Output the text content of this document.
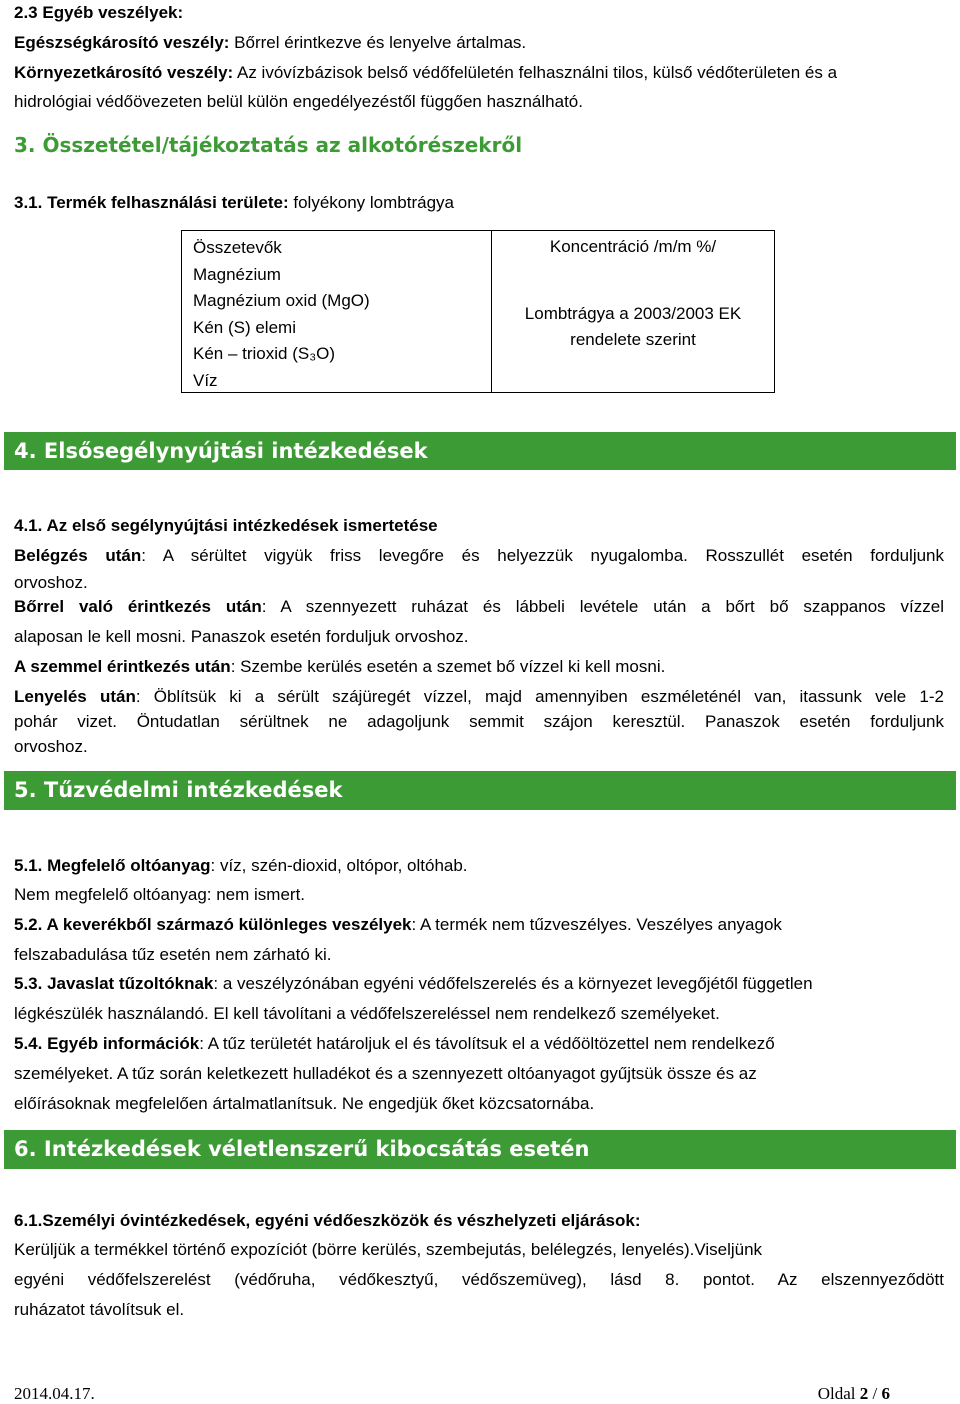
2.3 Egyéb veszélyek:
Egészségkárosító veszély: Bőrrel érintkezve és lenyelve ártalmas.
Környezetkárosító veszély: Az ivóvízbázisok belső védőfelületén felhasználni tilos, külső védőterületen és a
hidrológiai védőövezeten belül külön engedélyezéstől függően használható.
3. Összetétel/tájékoztatás az alkotórészekről
3.1. Termék felhasználási területe: folyékony lombtrágya
Összetevők
Magnézium
Magnézium oxid (MgO)
Kén (S) elemi
Kén – trioxid (S₃O)
Víz
Koncentráció /m/m %/
Lombtrágya a 2003/2003 EK
rendelete szerint
4. Elsősegélynyújtási intézkedések
4.1. Az első segélynyújtási intézkedések ismertetése
Belégzés után: A sérültet vigyük friss levegőre és helyezzük nyugalomba. Rosszullét esetén forduljunk
orvoshoz.
Bőrrel való érintkezés után: A szennyezett ruházat és lábbeli levétele után a bőrt bő szappanos vízzel
alaposan le kell mosni. Panaszok esetén forduljuk orvoshoz.
A szemmel érintkezés után: Szembe kerülés esetén a szemet bő vízzel ki kell mosni.
Lenyelés után: Öblítsük ki a sérült szájüregét vízzel, majd amennyiben eszméleténél van, itassunk vele 1-2
pohár vizet. Öntudatlan sérültnek ne adagoljunk semmit szájon keresztül. Panaszok esetén forduljunk
orvoshoz.
5. Tűzvédelmi intézkedések
5.1. Megfelelő oltóanyag: víz, szén-dioxid, oltópor, oltóhab.
Nem megfelelő oltóanyag: nem ismert.
5.2. A keverékből származó különleges veszélyek: A termék nem tűzveszélyes. Veszélyes anyagok
felszabadulása tűz esetén nem zárható ki.
5.3. Javaslat tűzoltóknak: a veszélyzónában egyéni védőfelszerelés és a környezet levegőjétől független
légkészülék használandó. El kell távolítani a védőfelszereléssel nem rendelkező személyeket.
5.4. Egyéb információk: A tűz területét határoljuk el és távolítsuk el a védőöltözettel nem rendelkező
személyeket. A tűz során keletkezett hulladékot és a szennyezett oltóanyagot gyűjtsük össze és az
előírásoknak megfelelően ártalmatlanítsuk. Ne engedjük őket közcsatornába.
6. Intézkedések véletlenszerű kibocsátás esetén
6.1.Személyi óvintézkedések, egyéni védőeszközök és vészhelyzeti eljárások:
Kerüljük a termékkel történő expozíciót (börre kerülés, szembejutás, belélegzés, lenyelés).Viseljünk
egyéni védőfelszerelést (védőruha, védőkesztyű, védőszemüveg), lásd 8. pontot. Az elszennyeződött
ruházatot távolítsuk el.
2014.04.17.	Oldal 2 / 6
